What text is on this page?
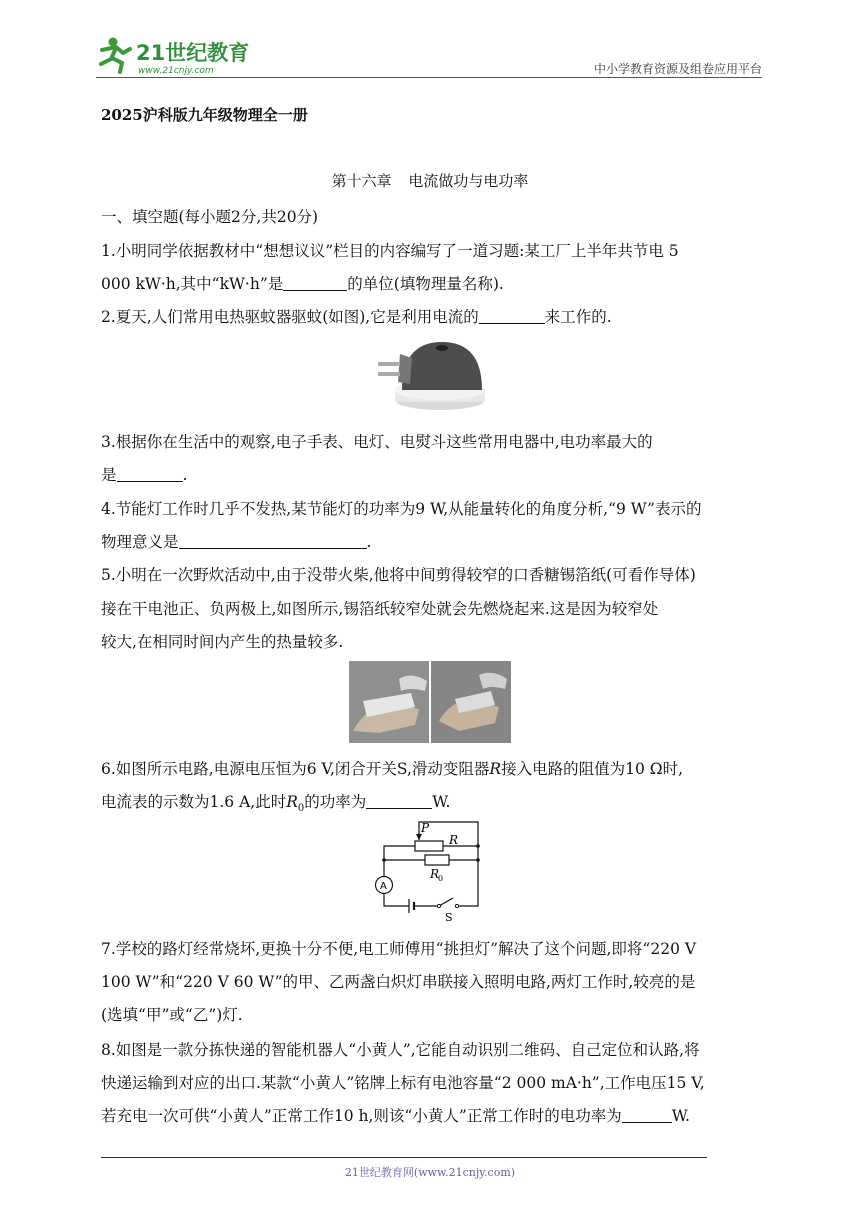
21世纪教育
www.21cnjy.com	中小学教育资源及组卷应用平台
2025沪科版九年级物理全一册
第十六章 电流做功与电功率
一、填空题(每小题2分,共20分)
1.小明同学依据教材中“想想议议”栏目的内容编写了一道习题:某工厂上半年共节电 5
000 kW·h,其中“kW·h”是	的单位(填物理量名称).
2.夏天,人们常用电热驱蚊器驱蚊(如图),它是利用电流的	来工作的.
3.根据你在生活中的观察,电子手表、电灯、电熨斗这些常用电器中,电功率最大的
是	.
4.节能灯工作时几乎不发热,某节能灯的功率为9 W,从能量转化的角度分析,“9 W”表示的
物理意义是	.
5.小明在一次野炊活动中,由于没带火柴,他将中间剪得较窄的口香糖锡箔纸(可看作导体)
接在干电池正、负两极上,如图所示,锡箔纸较窄处就会先燃烧起来.这是因为较窄处
较大,在相同时间内产生的热量较多.
6.如图所示电路,电源电压恒为6 V,闭合开关S,滑动变阻器R接入电路的阻值为10 Ω时,
电流表的示数为1.6 A,此时$R_0$的功率为	W.
P
R
R
0
A
S
7.学校的路灯经常烧坏,更换十分不便,电工师傅用“挑担灯”解决了这个问题,即将“220 V
100 W”和“220 V 60 W”的甲、乙两盏白炽灯串联接入照明电路,两灯工作时,较亮的是
(选填“甲”或“乙”)灯.
8.如图是一款分拣快递的智能机器人“小黄人”,它能自动识别二维码、自己定位和认路,将
快递运输到对应的出口.某款“小黄人”铭牌上标有电池容量“2 000 mA·h”,工作电压15 V,
若充电一次可供“小黄人”正常工作10 h,则该“小黄人”正常工作时的电功率为	W.
21世纪教育网(www.21cnjy.com)
